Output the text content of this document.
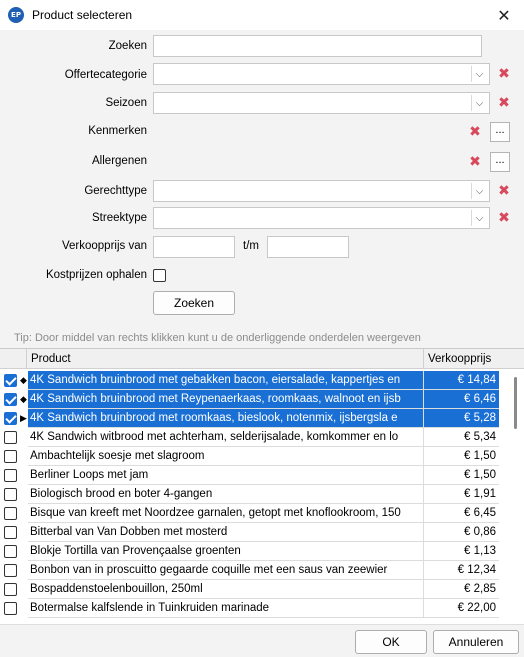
EP Product selecteren	✕
Zoeken
Offertecategorie	⌵ ✖
Seizoen	⌵ ✖
Kenmerken	✖	...
Allergenen	✖	...
Gerechttype	⌵ ✖
Streektype	⌵ ✖
Verkoopprijs van	t/m
Kostprijzen ophalen
Zoeken
Tip: Door middel van rechts klikken kunt u de onderliggende onderdelen weergeven
Product	Verkoopprijs
◆ 4K Sandwich bruinbrood met gebakken bacon, eiersalade, kappertjes en	€ 14,84
◆ 4K Sandwich bruinbrood met Reypenaerkaas, roomkaas, walnoot en ijsb	€ 6,46
▶ 4K Sandwich bruinbrood met roomkaas, bieslook, notenmix, ijsbergsla e	€ 5,28
4K Sandwich witbrood met achterham, selderijsalade, komkommer en lo	€ 5,34
Ambachtelijk soesje met slagroom	€ 1,50
Berliner Loops met jam	€ 1,50
Biologisch brood en boter 4-gangen	€ 1,91
Bisque van kreeft met Noordzee garnalen, getopt met knoflookroom, 150	€ 6,45
Bitterbal van Van Dobben met mosterd	€ 0,86
Blokje Tortilla van Provençaalse groenten	€ 1,13
Bonbon van in proscuitto gegaarde coquille met een saus van zeewier	€ 12,34
Bospaddenstoelenbouillon, 250ml	€ 2,85
Botermalse kalfslende in Tuinkruiden marinade	€ 22,00
OK	Annuleren
